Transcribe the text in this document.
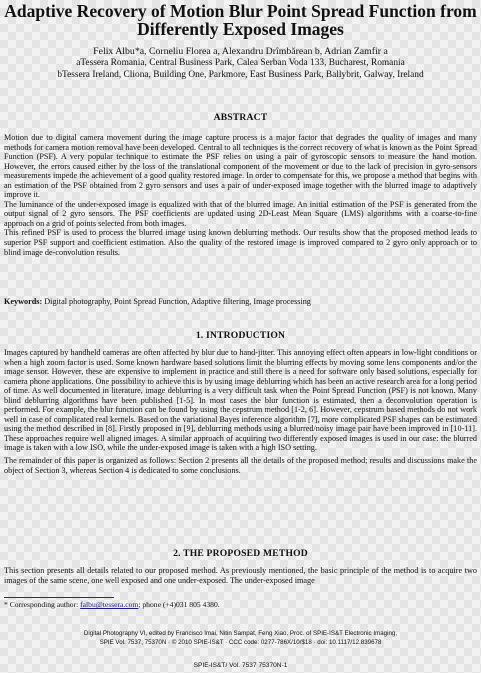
Adaptive Recovery of Motion Blur Point Spread Function from
Differently Exposed Images
Felix Albu*a, Corneliu Florea a, Alexandru Drîmbărean b, Adrian Zamfir a
aTessera Romania, Central Business Park, Calea Serban Voda 133, Bucharest, Romania
bTessera Ireland, Cliona, Building One, Parkmore, East Business Park, Ballybrit, Galway, Ireland
ABSTRACT

Motion due to digital camera movement during the image capture process is a major factor that degrades the quality of images and many methods for camera motion removal have been developed. Central to all techniques is the correct recovery of what is known as the Point Spread Function (PSF). A very popular technique to estimate the PSF relies on using a pair of gyroscopic sensors to measure the hand motion. However, the errors caused either by the loss of the translational component of the movement or due to the lack of precision in gyro-sensors measurements impede the achievement of a good quality restored image. In order to compensate for this, we propose a method that begins with an estimation of the PSF obtained from 2 gyro sensors and uses a pair of under-exposed image together with the blurred image to adaptively improve it.

The luminance of the under-exposed image is equalized with that of the blurred image. An initial estimation of the PSF is generated from the output signal of 2 gyro sensors. The PSF coefficients are updated using 2D-Least Mean Square (LMS) algorithms with a coarse-to-fine approach on a grid of points selected from both images.

This refined PSF is used to process the blurred image using known deblurring methods. Our results show that the proposed method leads to superior PSF support and coefficient estimation. Also the quality of the restored image is improved compared to 2 gyro only approach or to blind image de-convolution results.

Keywords: Digital photography, Point Spread Function, Adaptive filtering, Image processing
1. INTRODUCTION

Images captured by handheld cameras are often affected by blur due to hand-jitter. This annoying effect often appears in low-light conditions or when a high zoom factor is used. Some known hardware based solutions limit the blurring effects by moving some lens components and/or the image sensor. However, these are expensive to implement in practice and still there is a need for software only based solutions, especially for camera phone applications. One possibility to achieve this is by using image deblurring which has been an active research area for a long period of time. As well documented in literature, image deblurring is a very difficult task when the Point Spread Function (PSF) is not known. Many blind deblurring algorithms have been published [1-5]. In most cases the blur function is estimated, then a deconvolution operation is performed. For example, the blur function can be found by using the cepstrum method [1-2, 6]. However, cepstrum based methods do not work well in case of complicated real kernels. Based on the variational Bayes inference algorithm [7], more complicated PSF shapes can be estimated using the method described in [8]. Firstly proposed in [9], deblurring methods using a blurred/noisy image pair have been improved in [10-11]. These approaches require well aligned images. A similar approach of acquiring two differently exposed images is used in our case: the blurred image is taken with a low ISO, while the under-exposed image is taken with a high ISO setting.

The remainder of this paper is organized as follows: Section 2 presents all the details of the proposed method; results and discussions make the object of Section 3, whereas Section 4 is dedicated to some conclusions.

2. THE PROPOSED METHOD

This section presents all details related to our proposed method. As previously mentioned, the basic principle of the method is to acquire two images of the same scene, one well exposed and one under-exposed. The under-exposed image

* Corresponding author: falbu@tessera.com; phone (+4)031 805 4380.
Digital Photography VI, edited by Francisco Imai, Nitin Sampat, Feng Xiao, Proc. of SPIE-IS&T Electronic Imaging,
SPIE Vol. 7537, 75370N · © 2010 SPIE-IS&T · CCC code: 0277-786X/10/$18 · doi: 10.1117/12.839678
SPIE-IS&T/ Vol. 7537 75370N-1
